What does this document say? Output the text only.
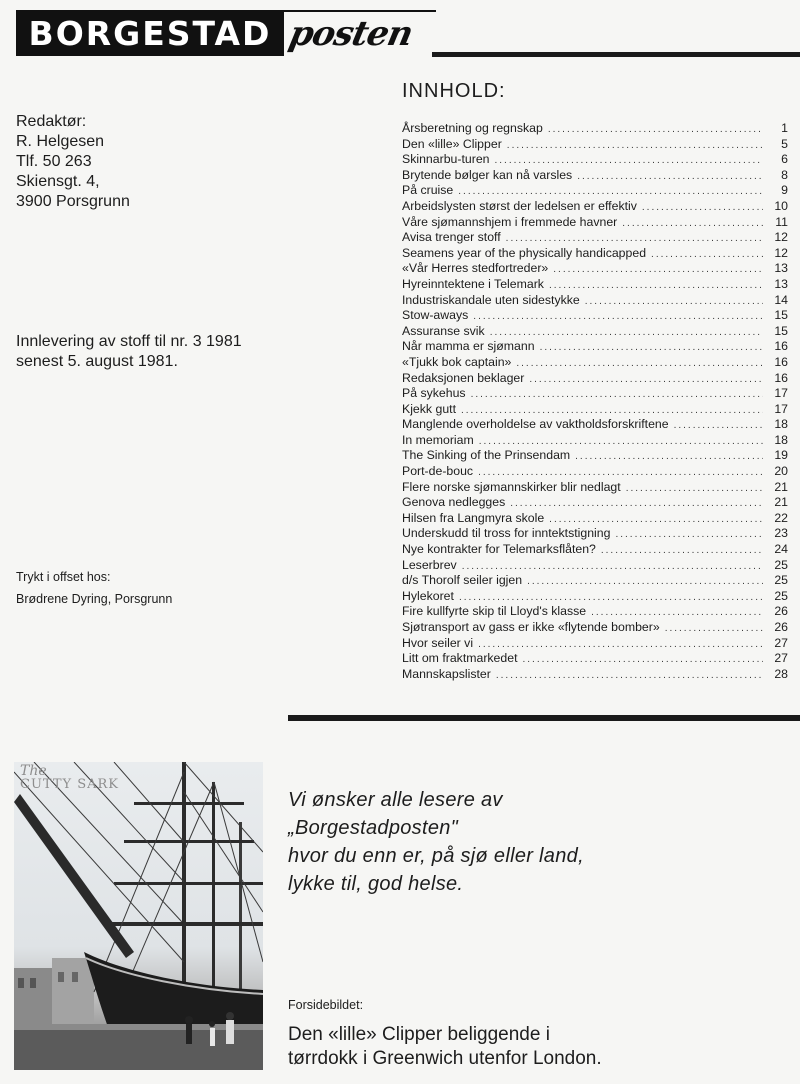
BORGESTAD posten
Redaktør:
R. Helgesen
Tlf. 50 263
Skiensgt. 4,
3900 Porsgrunn
Innlevering av stoff til nr. 3 1981
senest 5. august 1981.
Trykt i offset hos:
Brødrene Dyring, Porsgrunn
INNHOLD:
Årsberetning og regnskap .....	1
Den «lille» Clipper .....	5
Skinnarbu-turen .....	6
Brytende bølger kan nå varsles .....	8
På cruise .....	9
Arbeidslysten størst der ledelsen er effektiv .....	10
Våre sjømannshjem i fremmede havner .....	11
Avisa trenger stoff .....	12
Seamens year of the physically handicapped .....	12
«Vår Herres stedfortreder» .....	13
Hyreinntektene i Telemark .....	13
Industriskandale uten sidestykke .....	14
Stow-aways .....	15
Assuranse svik .....	15
Når mamma er sjømann .....	16
«Tjukk bok captain» .....	16
Redaksjonen beklager .....	16
På sykehus .....	17
Kjekk gutt .....	17
Manglende overholdelse av vaktholdsforskriftene .....	18
In memoriam .....	18
The Sinking of the Prinsendam .....	19
Port-de-bouc .....	20
Flere norske sjømannskirker blir nedlagt .....	21
Genova nedlegges .....	21
Hilsen fra Langmyra skole .....	22
Underskudd til tross for inntektstigning .....	23
Nye kontrakter for Telemarksflåten? .....	24
Leserbrev .....	25
d/s Thorolf seiler igjen .....	25
Hylekoret .....	25
Fire kullfyrte skip til Lloyd's klasse .....	26
Sjøtransport av gass er ikke «flytende bomber» .....	26
Hvor seiler vi .....	27
Litt om fraktmarkedet .....	27
Mannskapslister .....	28
The
CUTTY SARK
Vi ønsker alle lesere av
„Borgestadposten"
hvor du enn er, på sjø eller land,
lykke til, god helse.
Forsidebildet:
Den «lille» Clipper beliggende i
tørrdokk i Greenwich utenfor London.
